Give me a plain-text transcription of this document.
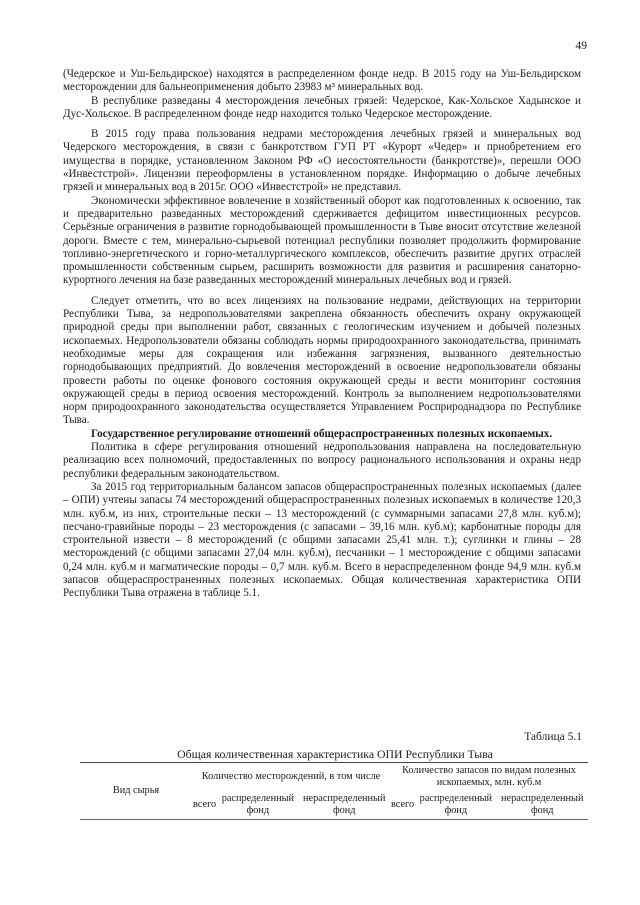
49

(Чедерское и Уш-Бельдирское) находятся в распределенном фонде недр. В 2015 году на Уш-Бельдирском месторождении для бальнеоприменения добыто 23983 м³ минеральных вод.

В республике разведаны 4 месторождения лечебных грязей: Чедерское, Как-Хольское Хадынское и Дус-Хольское. В распределенном фонде недр находится только Чедерское месторождение.

В 2015 году права пользования недрами месторождения лечебных грязей и минеральных вод Чедерского месторождения, в связи с банкротством ГУП РТ «Курорт «Чедер» и приобретением его имущества в порядке, установленном Законом РФ «О несостоятельности (банкротстве)», перешли ООО «Инвестстрой». Лицензии переоформлены в установленном порядке. Информацию о добыче лечебных грязей и минеральных вод в 2015г. ООО «Инвестстрой» не представил.

Экономически эффективное вовлечение в хозяйственный оборот как подготовленных к освоению, так и предварительно разведанных месторождений сдерживается дефицитом инвестиционных ресурсов. Серьёзные ограничения в развитие горнодобывающей промышленности в Тыве вносит отсутствие железной дороги. Вместе с тем, минерально-сырьевой потенциал республики позволяет продолжить формирование топливно-энергетического и горно-металлургического комплексов, обеспечить развитие других отраслей промышленности собственным сырьем, расширить возможности для развития и расширения санаторно-курортного лечения на базе разведанных месторождений минеральных лечебных вод и грязей.

Следует отметить, что во всех лицензиях на пользование недрами, действующих на территории Республики Тыва, за недропользователями закреплена обязанность обеспечить охрану окружающей природной среды при выполнении работ, связанных с геологическим изучением и добычей полезных ископаемых. Недропользователи обязаны соблюдать нормы природоохранного законодательства, принимать необходимые меры для сокращения или избежания загрязнения, вызванного деятельностью горнодобывающих предприятий. До вовлечения месторождений в освоение недропользователи обязаны провести работы по оценке фонового состояния окружающей среды и вести мониторинг состояния окружающей среды в период освоения месторождений. Контроль за выполнением недропользователями норм природоохранного законодательства осуществляется Управлением Росприроднадзора по Республике Тыва.

Государственное регулирование отношений общераспространенных полезных ископаемых.

Политика в сфере регулирования отношений недропользования направлена на последовательную реализацию всех полномочий, предоставленных по вопросу рационального использования и охраны недр республики федеральным законодательством.

За 2015 год территориальным балансом запасов общераспространенных полезных ископаемых (далее – ОПИ) учтены запасы 74 месторождений общераспространенных полезных ископаемых в количестве 120,3 млн. куб.м, из них, строительные пески – 13 месторождений (с суммарными запасами 27,8 млн. куб.м); песчано-гравийные породы – 23 месторождения (с запасами – 39,16 млн. куб.м); карбонатные породы для строительной извести – 8 месторождений (с общими запасами 25,41 млн. т.); суглинки и глины – 28 месторождений (с общими запасами 27,04 млн. куб.м), песчаники – 1 месторождение с общими запасами 0,24 млн. куб.м и магматические породы – 0,7 млн. куб.м. Всего в нераспределенном фонде 94,9 млн. куб.м запасов общераспространенных полезных ископаемых. Общая количественная характеристика ОПИ Республики Тыва отражена в таблице 5.1.

Таблица 5.1
Общая количественная характеристика ОПИ Республики Тыва
Вид сырья	Количество месторождений, в том числе			Количество запасов по видам полезных ископаемых, млн. куб.м		
	всего	распределенный фонд	нераспределенный фонд	всего	распределенный фонд	нераспределенный фонд
